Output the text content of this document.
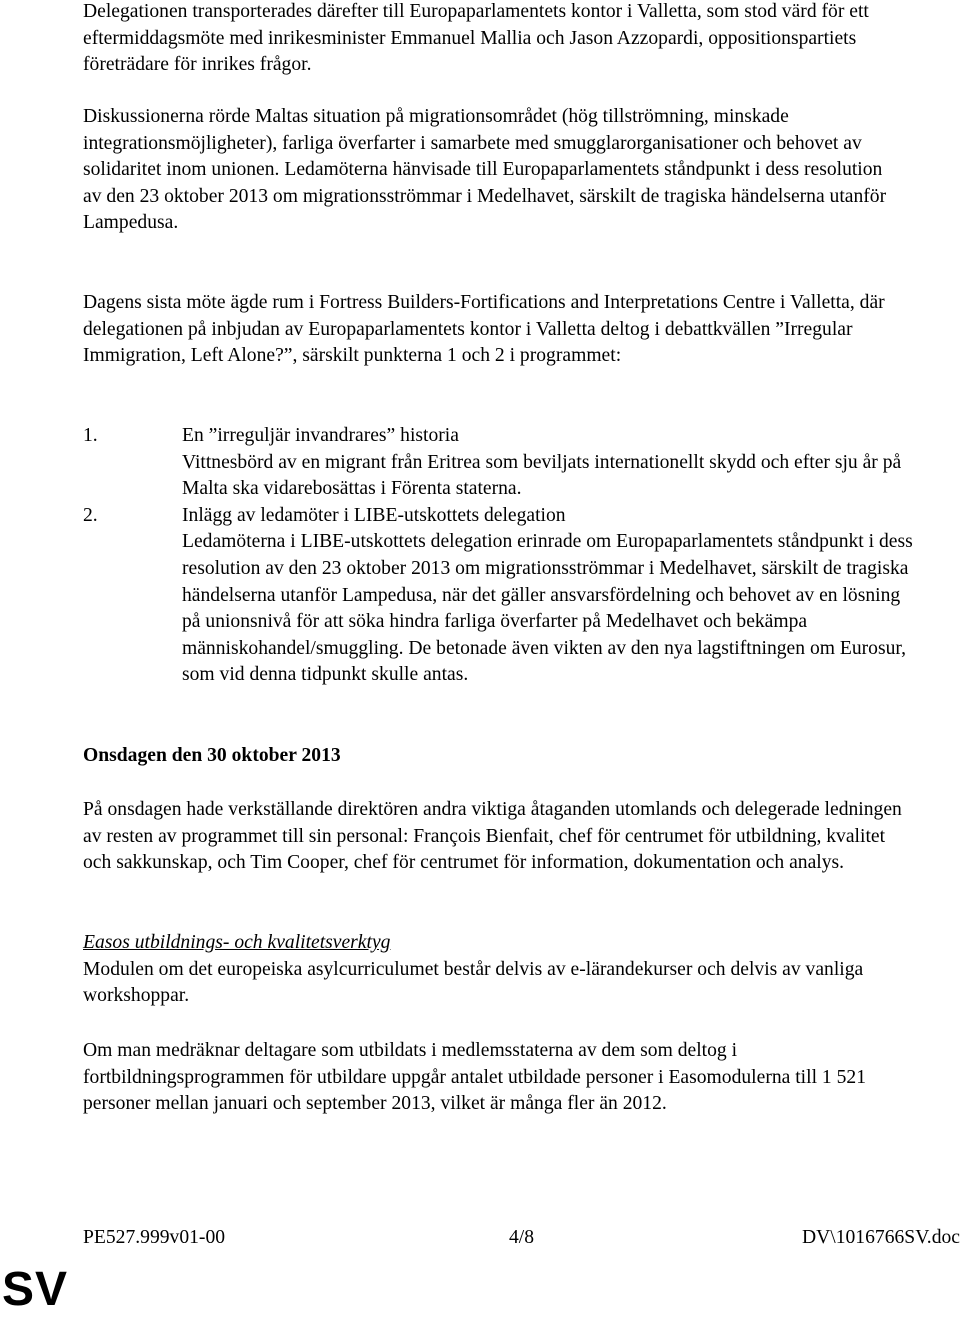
Delegationen transporterades därefter till Europaparlamentets kontor i Valletta, som stod värd för ett eftermiddagsmöte med inrikesminister Emmanuel Mallia och Jason Azzopardi, oppositionspartiets företrädare för inrikes frågor.

Diskussionerna rörde Maltas situation på migrationsområdet (hög tillströmning, minskade integrationsmöjligheter), farliga överfarter i samarbete med smugglarorganisationer och behovet av solidaritet inom unionen. Ledamöterna hänvisade till Europaparlamentets ståndpunkt i dess resolution av den 23 oktober 2013 om migrationsströmmar i Medelhavet, särskilt de tragiska händelserna utanför Lampedusa.

Dagens sista möte ägde rum i Fortress Builders-Fortifications and Interpretations Centre i Valletta, där delegationen på inbjudan av Europaparlamentets kontor i Valletta deltog i debattkvällen ”Irregular Immigration, Left Alone?”, särskilt punkterna 1 och 2 i programmet:

1.	En ”irreguljär invandrares” historia
Vittnesbörd av en migrant från Eritrea som beviljats internationellt skydd och efter sju år på Malta ska vidarebosättas i Förenta staterna.
2.	Inlägg av ledamöter i LIBE-utskottets delegation
Ledamöterna i LIBE-utskottets delegation erinrade om Europaparlamentets ståndpunkt i dess resolution av den 23 oktober 2013 om migrationsströmmar i Medelhavet, särskilt de tragiska händelserna utanför Lampedusa, när det gäller ansvarsfördelning och behovet av en lösning på unionsnivå för att söka hindra farliga överfarter på Medelhavet och bekämpa människohandel/smuggling. De betonade även vikten av den nya lagstiftningen om Eurosur, som vid denna tidpunkt skulle antas.

Onsdagen den 30 oktober 2013

På onsdagen hade verkställande direktören andra viktiga åtaganden utomlands och delegerade ledningen av resten av programmet till sin personal: François Bienfait, chef för centrumet för utbildning, kvalitet och sakkunskap, och Tim Cooper, chef för centrumet för information, dokumentation och analys.

Easos utbildnings- och kvalitetsverktyg

Modulen om det europeiska asylcurriculumet består delvis av e-lärandekurser och delvis av vanliga workshoppar.

Om man medräknar deltagare som utbildats i medlemsstaterna av dem som deltog i fortbildningsprogrammen för utbildare uppgår antalet utbildade personer i Easomodulerna till 1 521 personer mellan januari och september 2013, vilket är många fler än 2012.

PE527.999v01-00	4/8	DV\1016766SV.doc
SV
